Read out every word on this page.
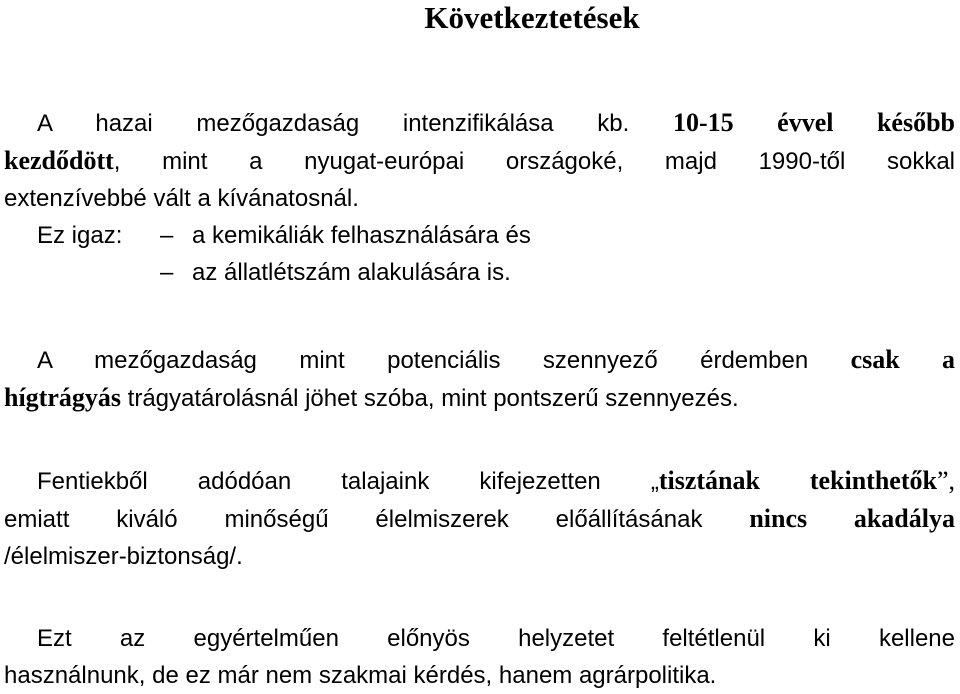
Következtetések
A hazai mezőgazdaság intenzifikálása kb. 10-15 évvel később
kezdődött, mint a nyugat-európai országoké, majd 1990-től sokkal
extenzívebbé vált a kívánatosnál.
Ez igaz: – a kemikáliák felhasználására és
– az állatlétszám alakulására is.
A mezőgazdaság mint potenciális szennyező érdemben csak a
hígtrágyás trágyatárolásnál jöhet szóba, mint pontszerű szennyezés.
Fentiekből adódóan talajaink kifejezetten „tisztának tekinthetők”,
emiatt kiváló minőségű élelmiszerek előállításának nincs akadálya
/élelmiszer-biztonság/.
Ezt az egyértelműen előnyös helyzetet feltétlenül ki kellene
használnunk, de ez már nem szakmai kérdés, hanem agrárpolitika.
